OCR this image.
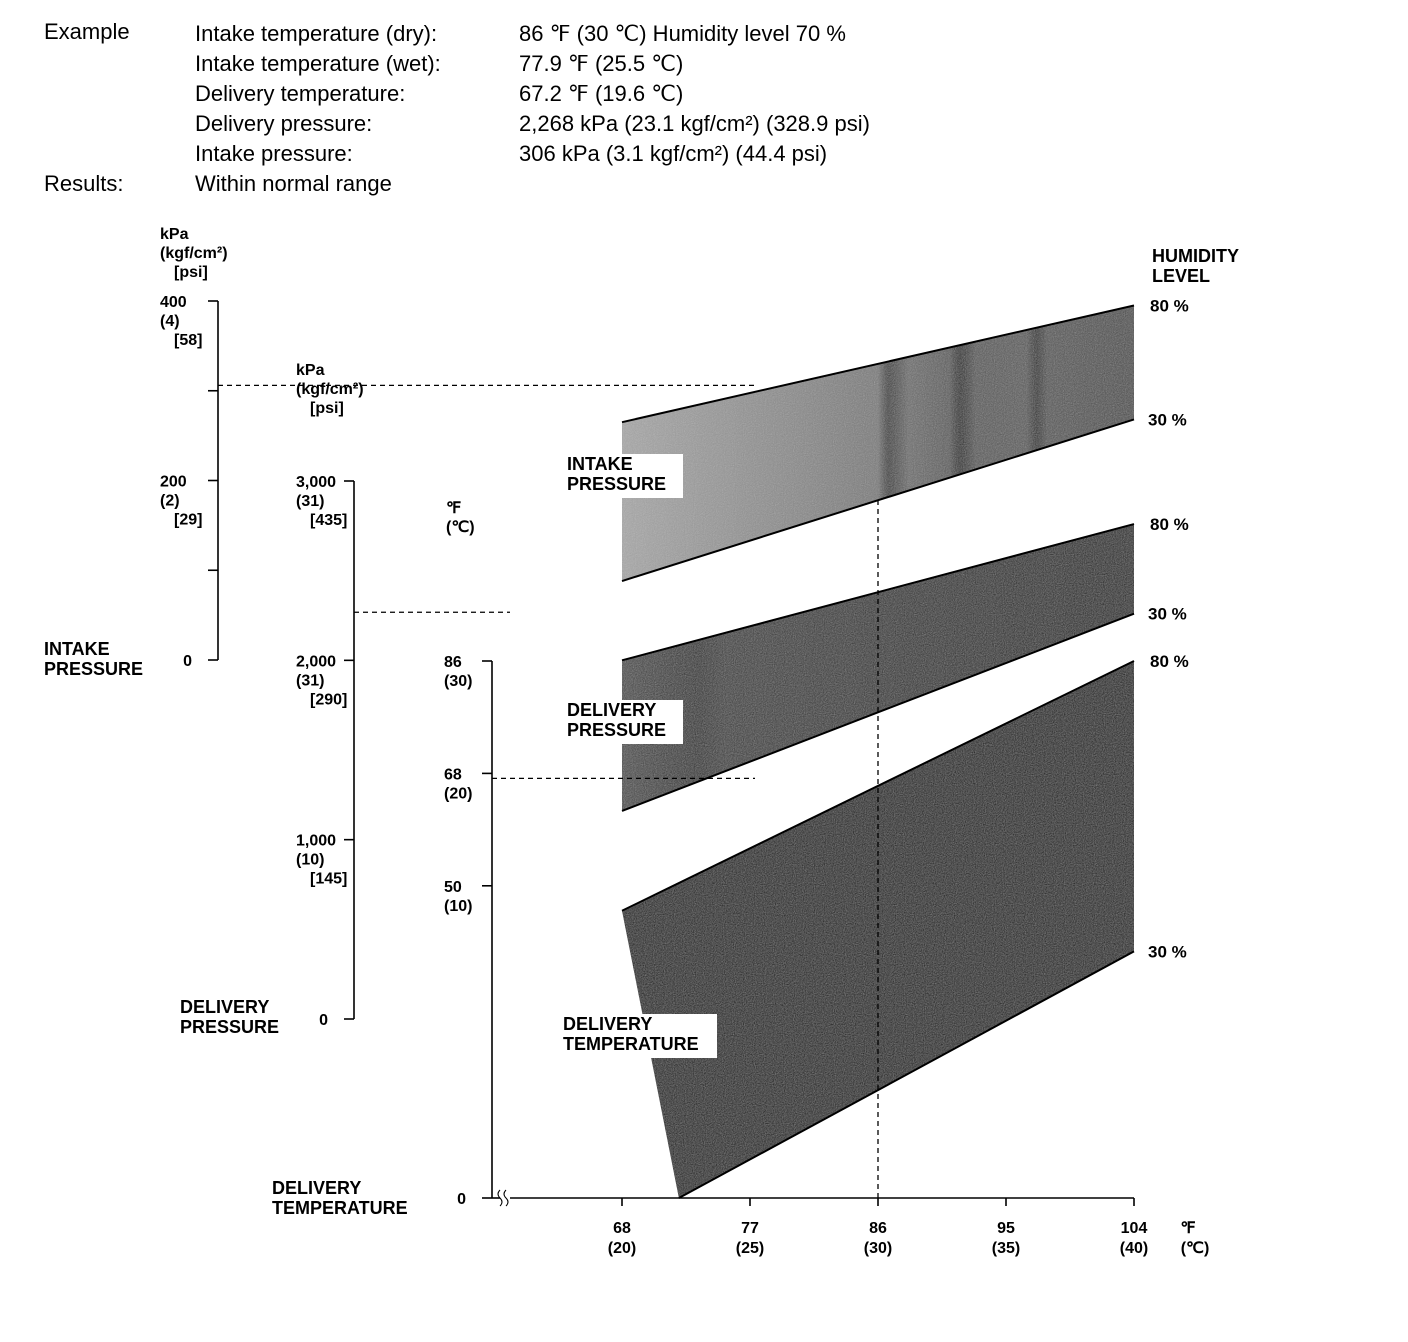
Example	Intake temperature (dry):	86 ℉ (30 ℃) Humidity level 70 %
Intake temperature (wet):	77.9 ℉ (25.5 ℃)
Delivery temperature:	67.2 ℉ (19.6 ℃)
Delivery pressure:	2,268 kPa (23.1 kgf/cm²) (328.9 psi)
Intake pressure:	306 kPa (3.1 kgf/cm²) (44.4 psi)
Results:	Within normal range
kPa
(kgf/cm²)
[psi]
400
(4)
[58]
200
(2)
[29]
0
kPa
(kgf/cm²)
[psi]
3,000
(31)
[435]
2,000
(31)
[290]
1,000
(10)
[145]
0
℉
(℃)
86
(30)
68
(20)
50
(10)
0
INTAKE
PRESSURE
DELIVERY
PRESSURE
DELIVERY
TEMPERATURE
68
(20)
77
(25)
86
(30)
95
(35)
104
(40)
℉
(℃)
HUMIDITY
LEVEL
80 %
30 %
INTAKE
PRESSURE
80 %
30 %
DELIVERY
PRESSURE
80 %
30 %
DELIVERY
TEMPERATURE
